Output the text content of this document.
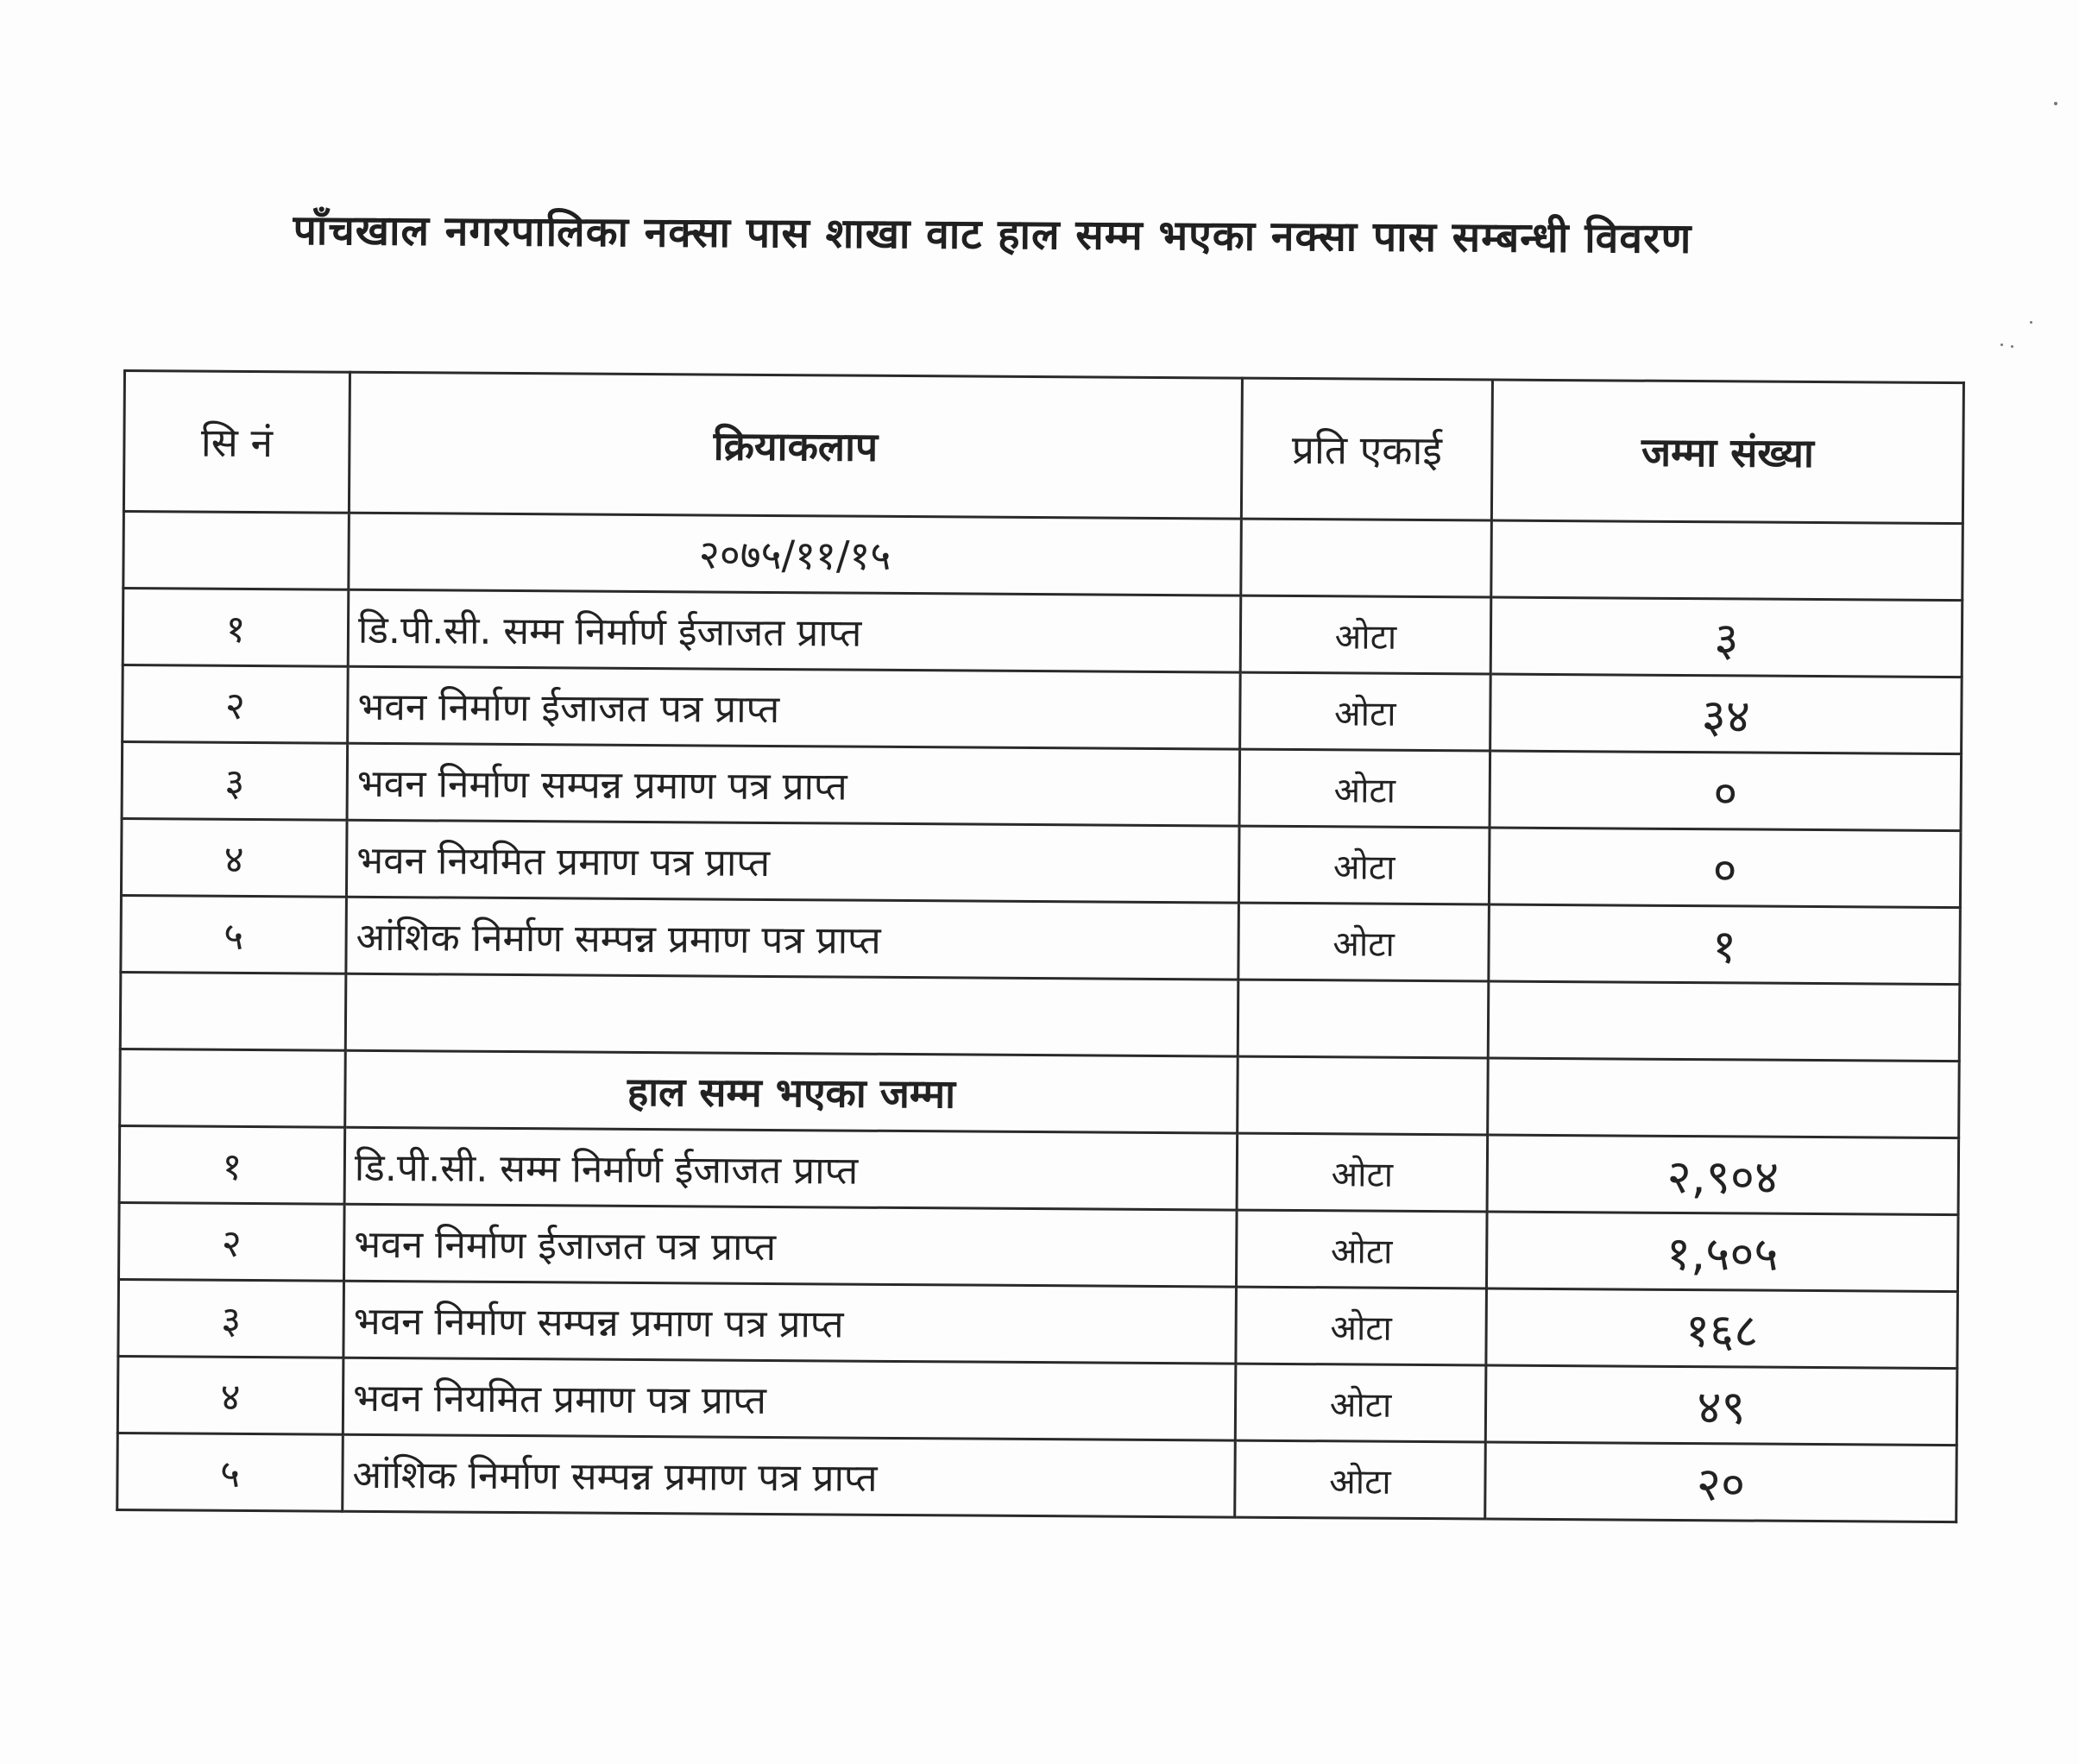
पाँचखाल नगरपालिका नक्सा पास शाखा वाट हाल सम्म भएका नक्सा पास सम्बन्धी विवरण
सि नं	क्रियाकलाप	प्रति एकाई	जम्मा संख्या
	२०७५/११/१५		
१	डि.पी.सी. सम्म निर्मार्ण ईजाजत प्राप्त	ओटा	३
२	भवन निर्माण ईजाजत पत्र प्राप्त	ओटा	३४
३	भवन निर्माण सम्पन्न प्रमाण पत्र प्राप्त	ओटा	०
४	भवन नियमित प्रमाण पत्र प्राप्त	ओटा	०
५	आंशिक निर्माण सम्पन्न प्रमाण पत्र प्राप्त	ओटा	१

	हाल सम्म भएका जम्मा		
१	डि.पी.सी. सम्म निर्मार्ण ईजाजत प्राप्त	ओटा	२,९०४
२	भवन निर्माण ईजाजत पत्र प्राप्त	ओटा	१,५०५
३	भवन निर्माण सम्पन्न प्रमाण पत्र प्राप्त	ओटा	१६८
४	भवन नियमित प्रमाण पत्र प्राप्त	ओटा	४९
५	आंशिक निर्माण सम्पन्न प्रमाण पत्र प्राप्त	ओटा	२०
